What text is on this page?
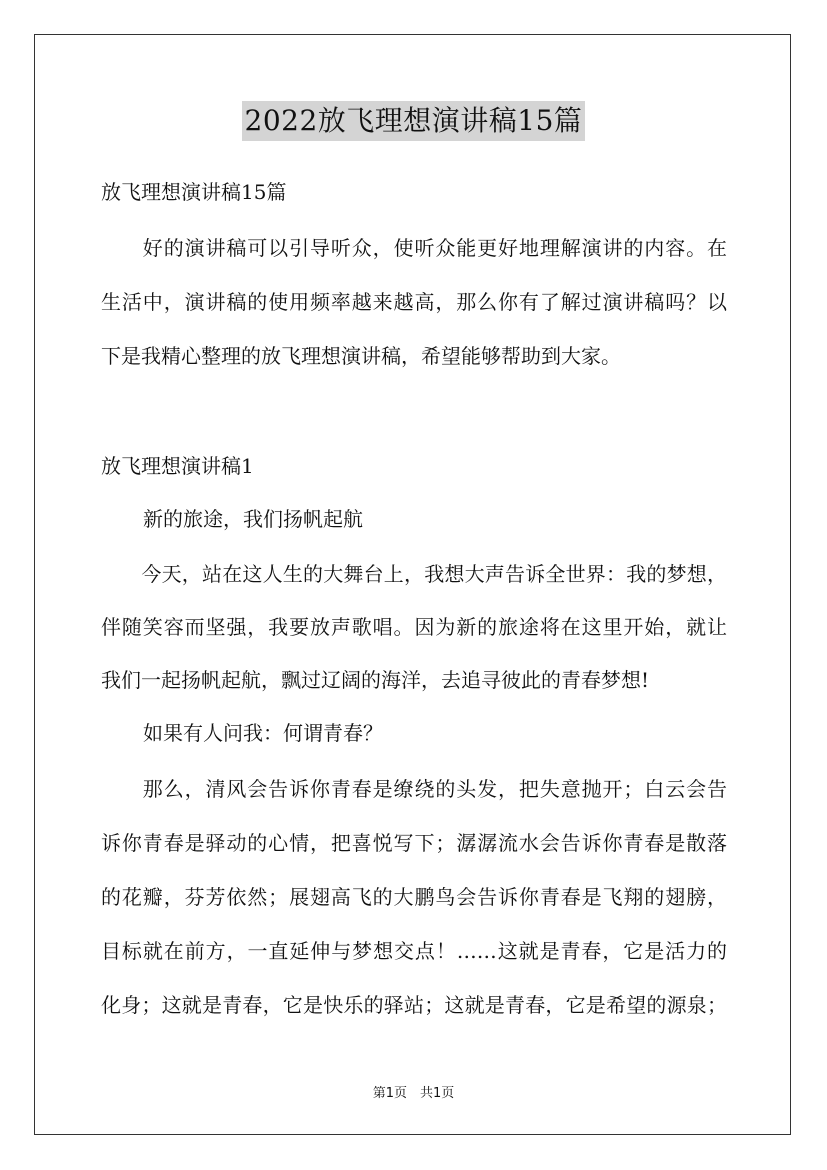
2022放飞理想演讲稿15篇
放飞理想演讲稿15篇
　　好的演讲稿可以引导听众，使听众能更好地理解演讲的内容。在
生活中，演讲稿的使用频率越来越高，那么你有了解过演讲稿吗？以
下是我精心整理的放飞理想演讲稿，希望能够帮助到大家。
放飞理想演讲稿1
新的旅途，我们扬帆起航
　　今天，站在这人生的大舞台上，我想大声告诉全世界：我的梦想，
伴随笑容而坚强，我要放声歌唱。因为新的旅途将在这里开始，就让
我们一起扬帆起航，飘过辽阔的海洋，去追寻彼此的青春梦想!
如果有人问我：何谓青春？
　　那么，清风会告诉你青春是缭绕的头发，把失意抛开；白云会告
诉你青春是驿动的心情，把喜悦写下；潺潺流水会告诉你青春是散落
的花瓣，芬芳依然；展翅高飞的大鹏鸟会告诉你青春是飞翔的翅膀，
目标就在前方，一直延伸与梦想交点！……这就是青春，它是活力的
化身；这就是青春，它是快乐的驿站；这就是青春，它是希望的源泉；
第1页　共1页
